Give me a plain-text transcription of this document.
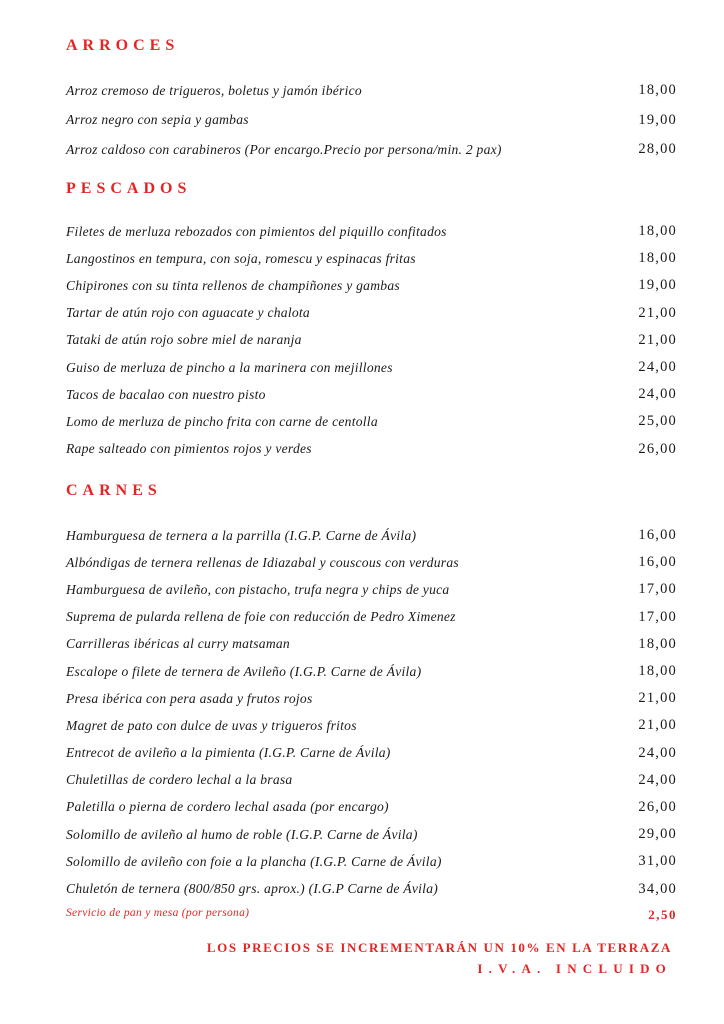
ARROCES
Arroz cremoso de trigueros, boletus y jamón ibérico	18,00
Arroz negro con sepia y gambas	19,00
Arroz caldoso con carabineros (Por encargo.Precio por persona/min. 2 pax)	28,00
PESCADOS
Filetes de merluza rebozados con pimientos del piquillo confitados	18,00
Langostinos en tempura, con soja, romescu y espinacas fritas	18,00
Chipirones con su tinta rellenos de champiñones y gambas	19,00
Tartar de atún rojo con aguacate y chalota	21,00
Tataki de atún rojo sobre miel de naranja	21,00
Guiso de merluza de pincho a la marinera con mejillones	24,00
Tacos de bacalao con nuestro pisto	24,00
Lomo de merluza de pincho frita con carne de centolla	25,00
Rape salteado con pimientos rojos y verdes	26,00
CARNES
Hamburguesa de ternera a la parrilla (I.G.P. Carne de Ávila)	16,00
Albóndigas de ternera rellenas de Idiazabal y couscous con verduras	16,00
Hamburguesa de avileño, con pistacho, trufa negra y chips de yuca	17,00
Suprema de pularda rellena de foie con reducción de Pedro Ximenez	17,00
Carrilleras ibéricas al curry matsaman	18,00
Escalope o filete de ternera de Avileño (I.G.P. Carne de Ávila)	18,00
Presa ibérica con pera asada y frutos rojos	21,00
Magret de pato con dulce de uvas y trigueros fritos	21,00
Entrecot de avileño a la pimienta (I.G.P. Carne de Ávila)	24,00
Chuletillas de cordero lechal a la brasa	24,00
Paletilla o pierna de cordero lechal asada (por encargo)	26,00
Solomillo de avileño al humo de roble (I.G.P. Carne de Ávila)	29,00
Solomillo de avileño con foie a la plancha (I.G.P. Carne de Ávila)	31,00
Chuletón de ternera (800/850 grs. aprox.) (I.G.P Carne de Ávila)	34,00
Servicio de pan y mesa (por persona)	2,50
LOS PRECIOS SE INCREMENTARÁN UN 10% EN LA TERRAZA
I.V.A. INCLUIDO
